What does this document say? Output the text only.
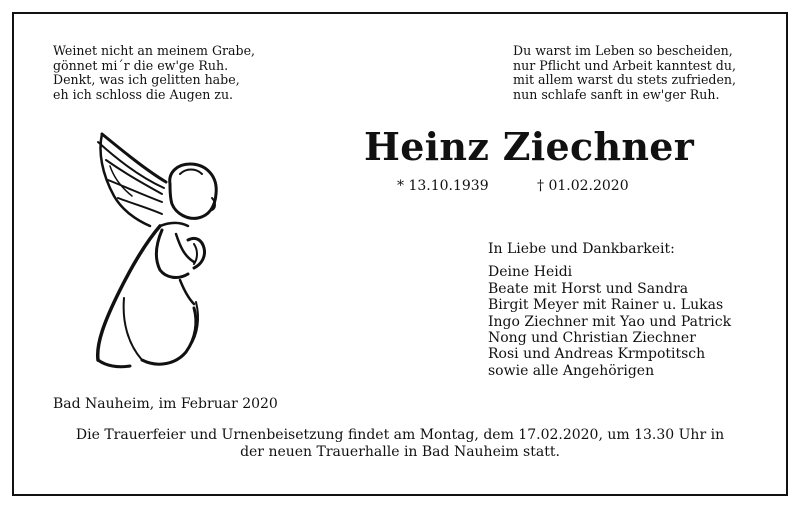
Weinet nicht an meinem Grabe,
gönnet mi´r die ew'ge Ruh.
Denkt, was ich gelitten habe,
eh ich schloss die Augen zu.
Du warst im Leben so bescheiden,
nur Pflicht und Arbeit kanntest du,
mit allem warst du stets zufrieden,
nun schlafe sanft in ew'ger Ruh.
Heinz Ziechner
* 13.10.1939	† 01.02.2020
In Liebe und Dankbarkeit:
Deine Heidi
Beate mit Horst und Sandra
Birgit Meyer mit Rainer u. Lukas
Ingo Ziechner mit Yao und Patrick
Nong und Christian Ziechner
Rosi und Andreas Krmpotitsch
sowie alle Angehörigen
Bad Nauheim, im Februar 2020
Die Trauerfeier und Urnenbeisetzung findet am Montag, dem 17.02.2020, um 13.30 Uhr in
der neuen Trauerhalle in Bad Nauheim statt.
